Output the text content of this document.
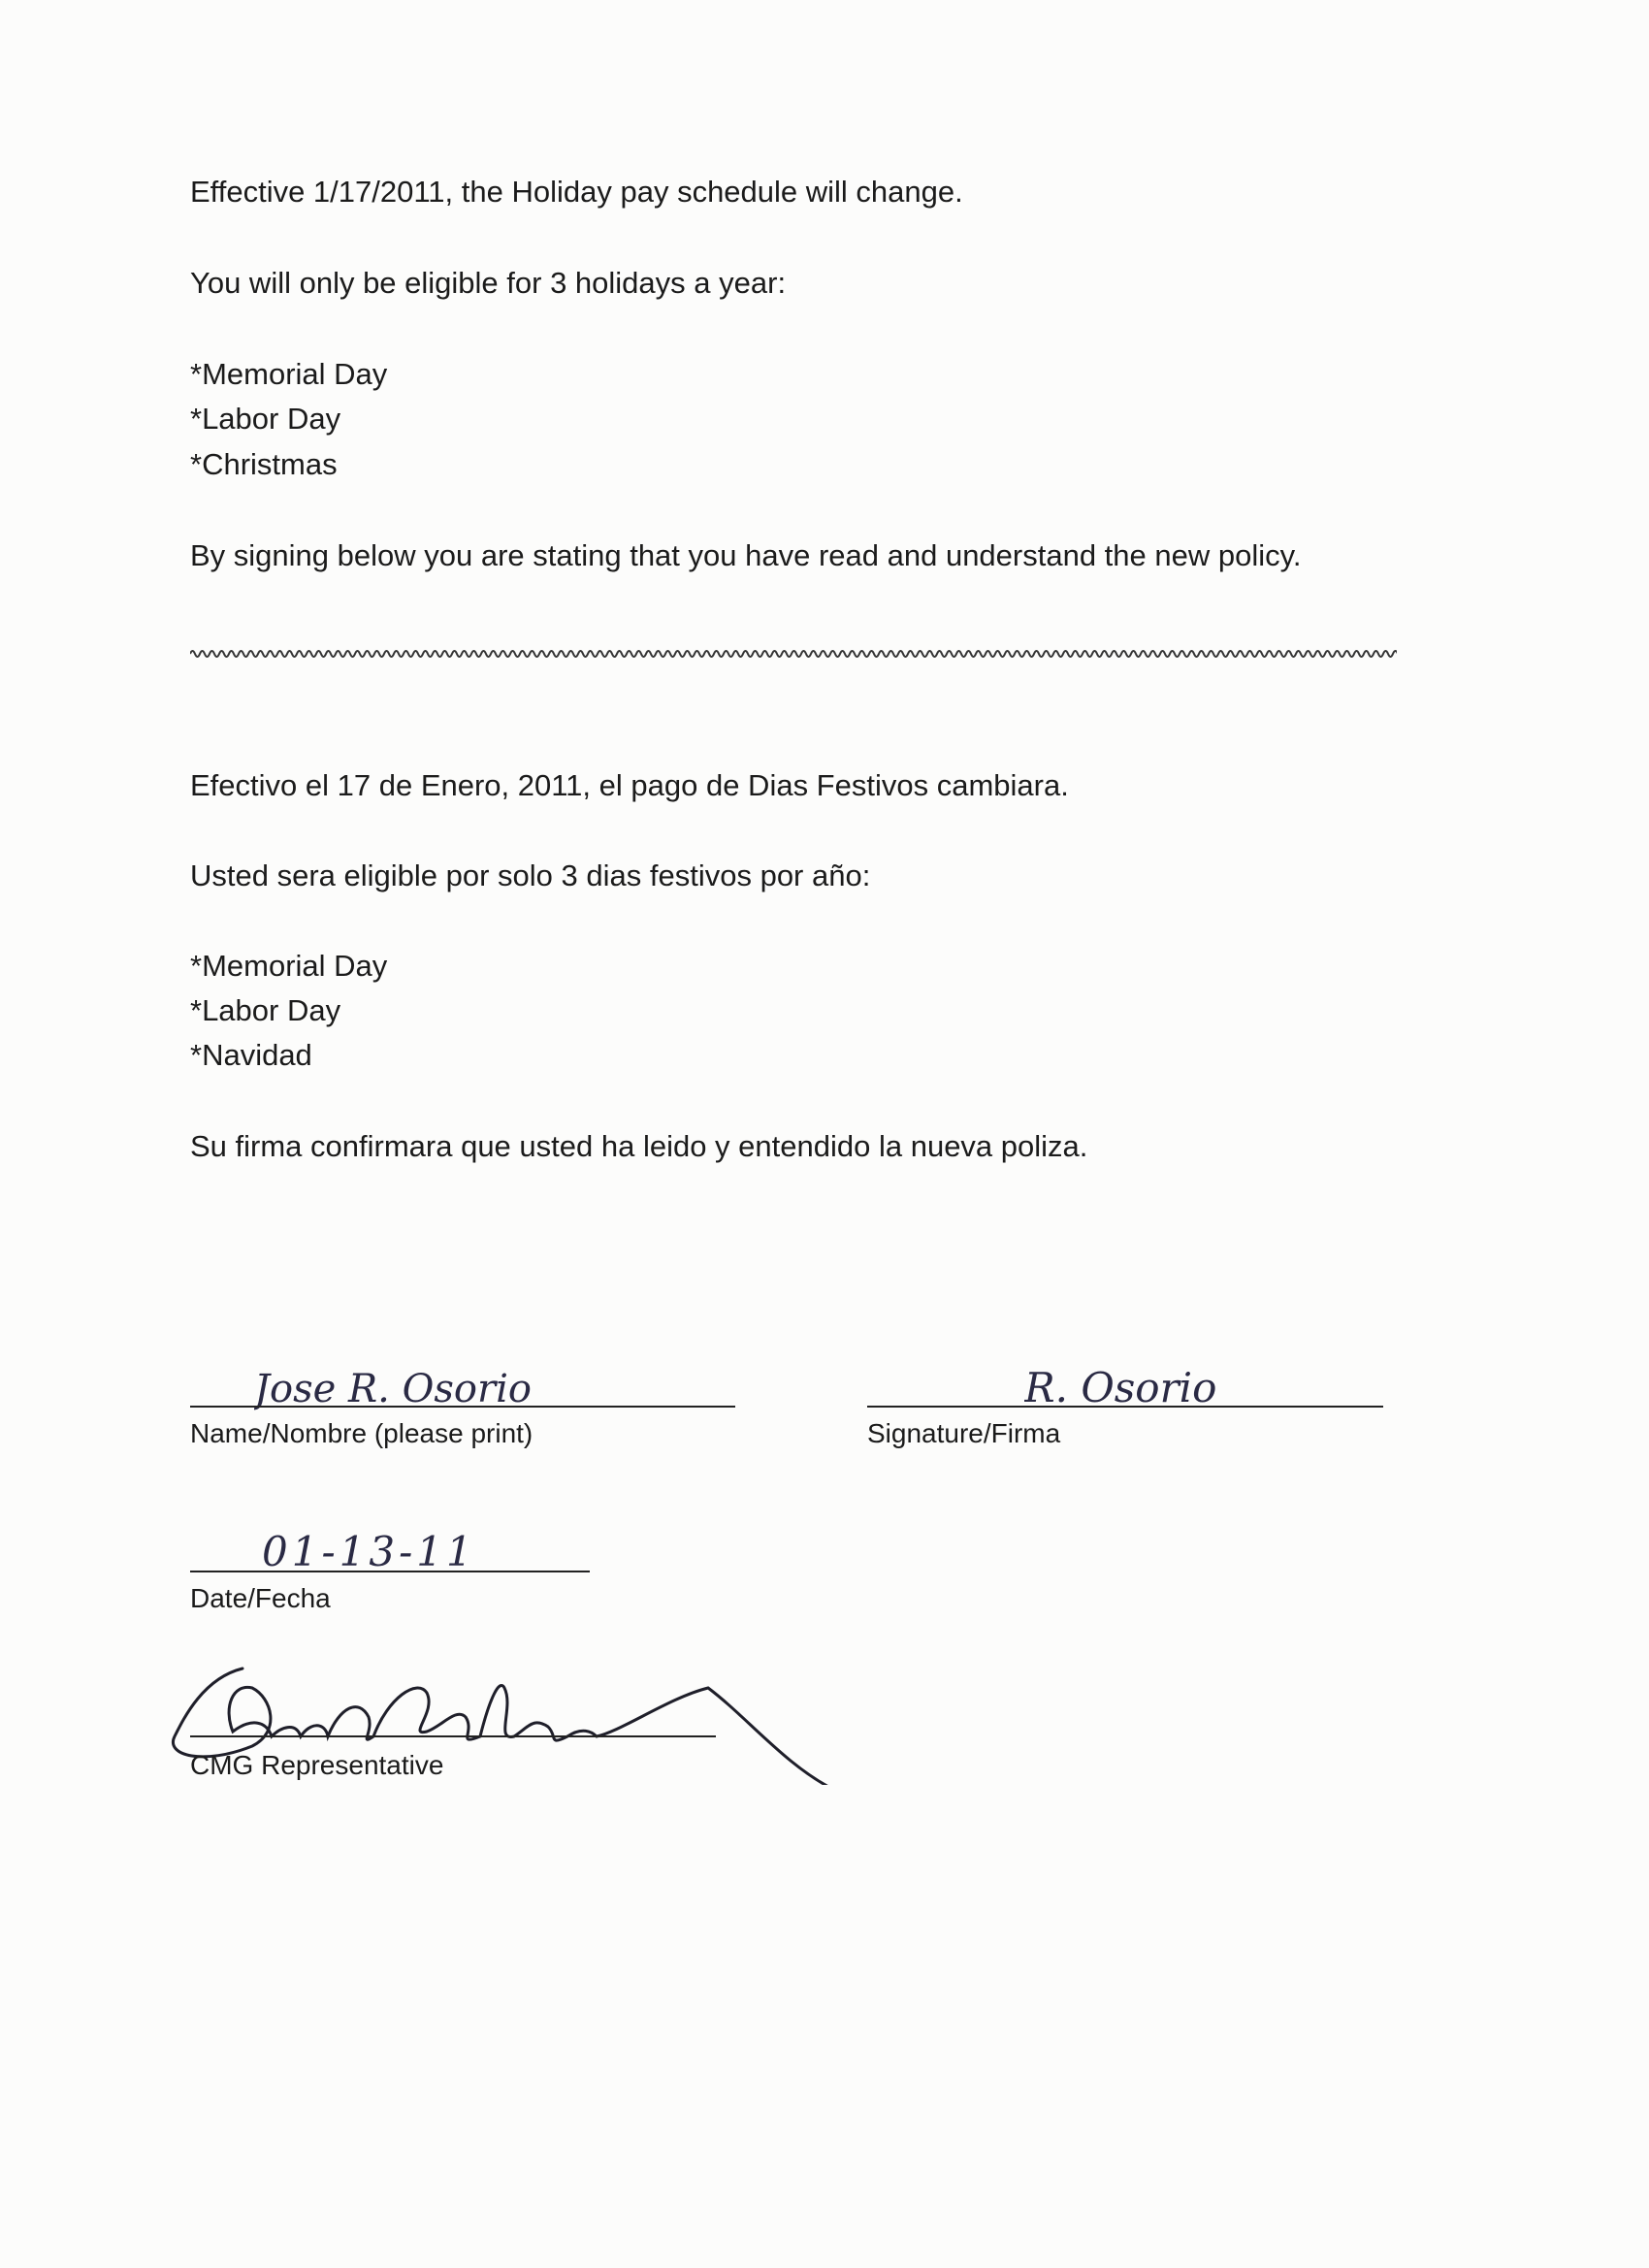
Effective 1/17/2011, the Holiday pay schedule will change.
You will only be eligible for 3 holidays a year:
*Memorial Day
*Labor Day
*Christmas
By signing below you are stating that you have read and understand the new policy.
Efectivo el 17 de Enero, 2011, el pago de Dias Festivos cambiara.
Usted sera eligible por solo 3 dias festivos por año:
*Memorial Day
*Labor Day
*Navidad
Su firma confirmara que usted ha leido y entendido la nueva poliza.
Jose R. Osorio
Name/Nombre (please print)
R. Osorio
Signature/Firma
01-13-11
Date/Fecha
CMG Representative
